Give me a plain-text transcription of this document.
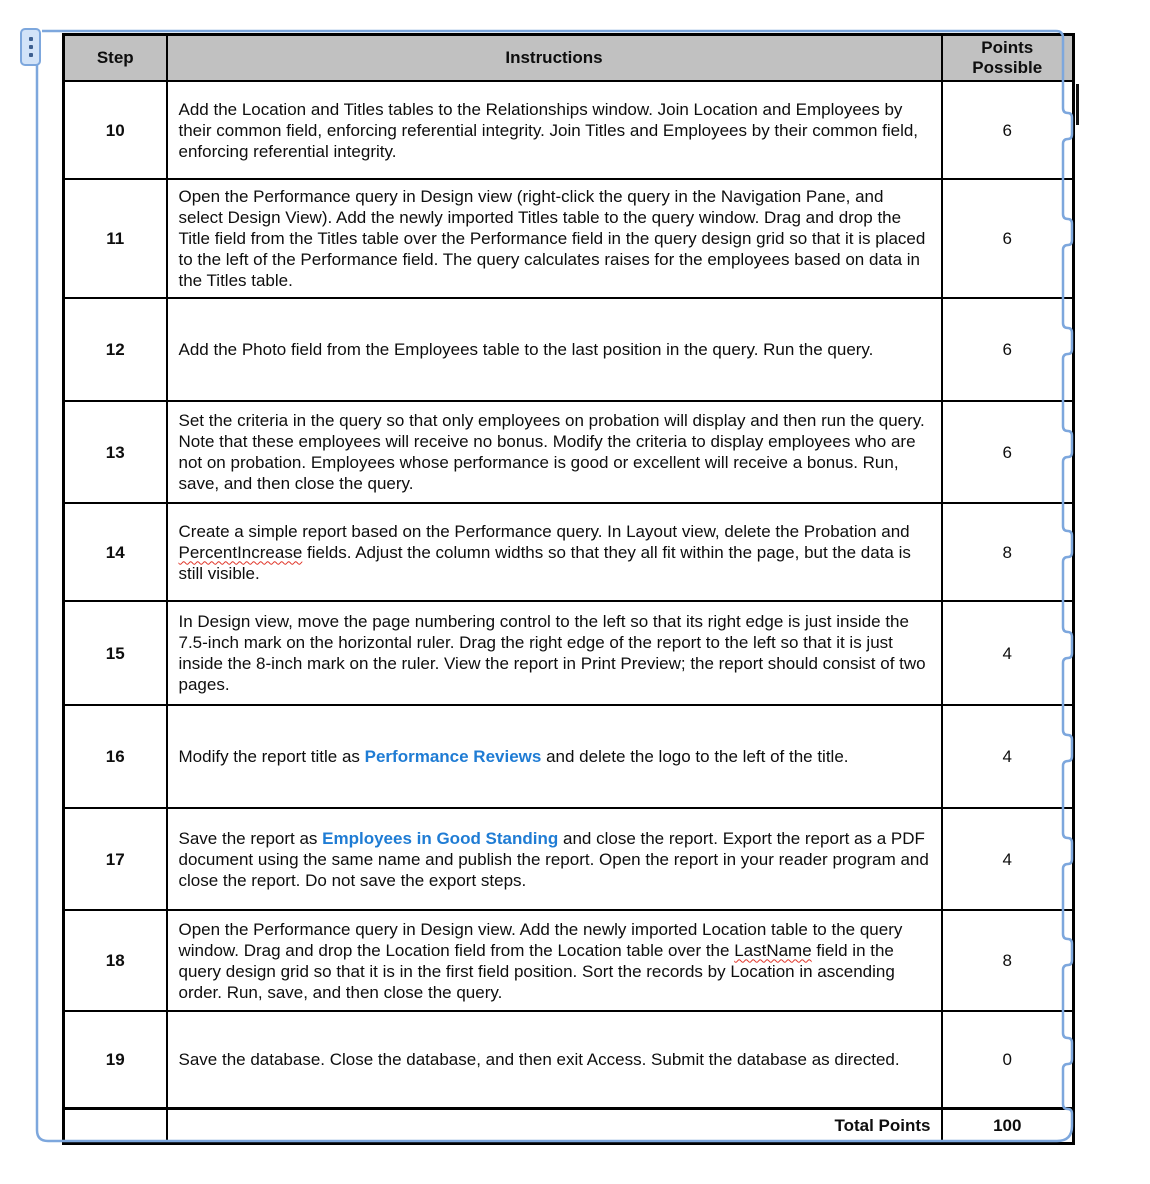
Step	Instructions	Points Possible
10	Add the Location and Titles tables to the Relationships window. Join Location and Employees by their common field, enforcing referential integrity. Join Titles and Employees by their common field, enforcing referential integrity.	6
11	Open the Performance query in Design view (right-click the query in the Navigation Pane, and select Design View). Add the newly imported Titles table to the query window. Drag and drop the Title field from the Titles table over the Performance field in the query design grid so that it is placed to the left of the Performance field. The query calculates raises for the employees based on data in the Titles table.	6
12	Add the Photo field from the Employees table to the last position in the query. Run the query.	6
13	Set the criteria in the query so that only employees on probation will display and then run the query. Note that these employees will receive no bonus. Modify the criteria to display employees who are not on probation. Employees whose performance is good or excellent will receive a bonus. Run, save, and then close the query.	6
14	Create a simple report based on the Performance query. In Layout view, delete the Probation and PercentIncrease fields. Adjust the column widths so that they all fit within the page, but the data is still visible.	8
15	In Design view, move the page numbering control to the left so that its right edge is just inside the 7.5-inch mark on the horizontal ruler. Drag the right edge of the report to the left so that it is just inside the 8-inch mark on the ruler. View the report in Print Preview; the report should consist of two pages.	4
16	Modify the report title as Performance Reviews and delete the logo to the left of the title.	4
17	Save the report as Employees in Good Standing and close the report. Export the report as a PDF document using the same name and publish the report. Open the report in your reader program and close the report. Do not save the export steps.	4
18	Open the Performance query in Design view. Add the newly imported Location table to the query window. Drag and drop the Location field from the Location table over the LastName field in the query design grid so that it is in the first field position. Sort the records by Location in ascending order. Run, save, and then close the query.	8
19	Save the database. Close the database, and then exit Access. Submit the database as directed.	0
	Total Points	100
